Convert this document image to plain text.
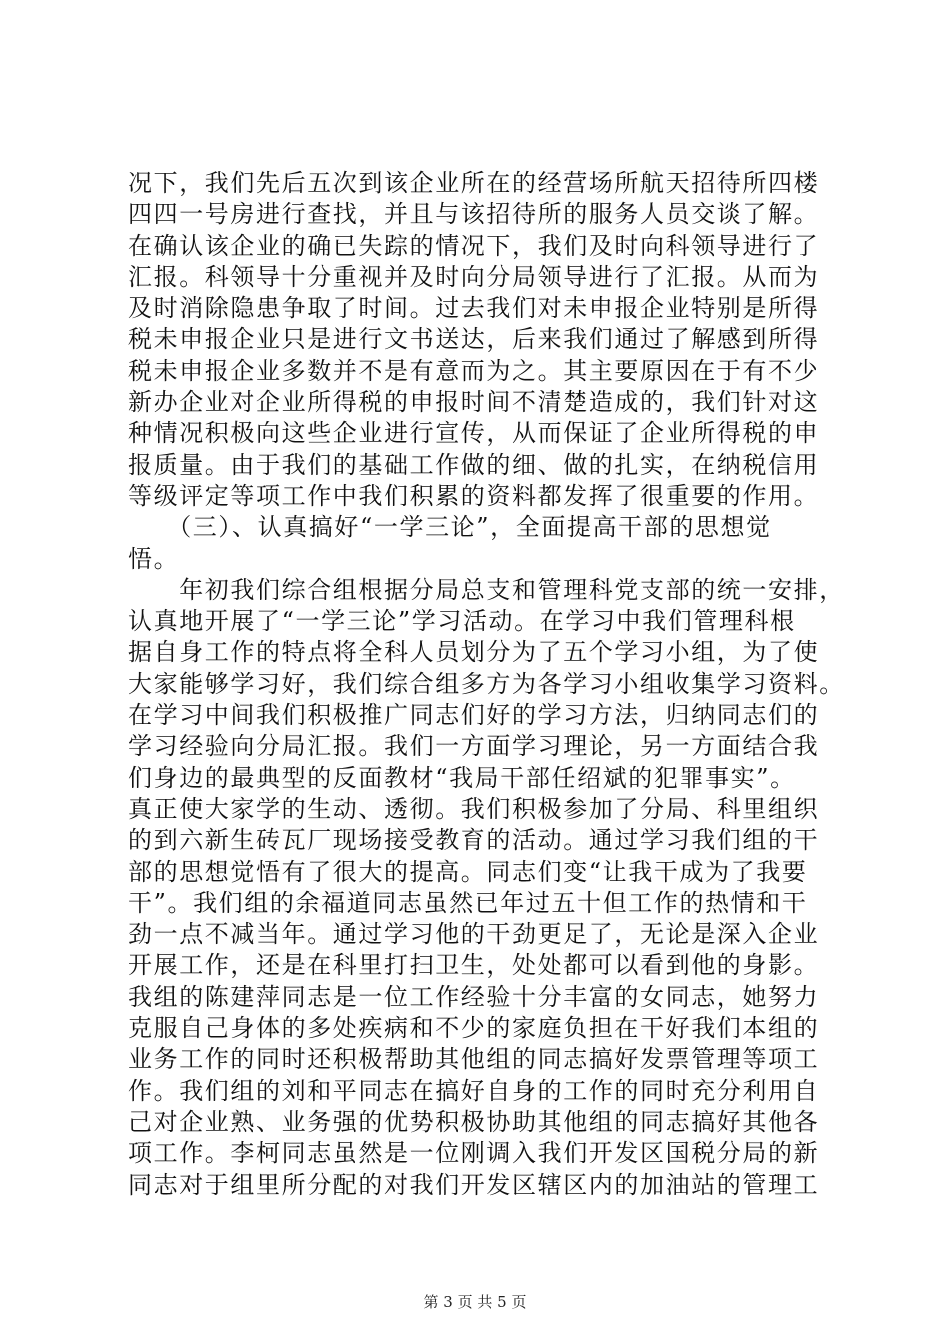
况下，我们先后五次到该企业所在的经营场所航天招待所四楼
四四一号房进行查找，并且与该招待所的服务人员交谈了解。
在确认该企业的确已失踪的情况下，我们及时向科领导进行了
汇报。科领导十分重视并及时向分局领导进行了汇报。从而为
及时消除隐患争取了时间。过去我们对未申报企业特别是所得
税未申报企业只是进行文书送达，后来我们通过了解感到所得
税未申报企业多数并不是有意而为之。其主要原因在于有不少
新办企业对企业所得税的申报时间不清楚造成的，我们针对这
种情况积极向这些企业进行宣传，从而保证了企业所得税的申
报质量。由于我们的基础工作做的细、做的扎实，在纳税信用
等级评定等项工作中我们积累的资料都发挥了很重要的作用。
　　（三）、认真搞好“一学三论”，全面提高干部的思想觉
悟。
　　年初我们综合组根据分局总支和管理科党支部的统一安排，
认真地开展了“一学三论”学习活动。在学习中我们管理科根
据自身工作的特点将全科人员划分为了五个学习小组，为了使
大家能够学习好，我们综合组多方为各学习小组收集学习资料。
在学习中间我们积极推广同志们好的学习方法，归纳同志们的
学习经验向分局汇报。我们一方面学习理论，另一方面结合我
们身边的最典型的反面教材“我局干部任绍斌的犯罪事实”。
真正使大家学的生动、透彻。我们积极参加了分局、科里组织
的到六新生砖瓦厂现场接受教育的活动。通过学习我们组的干
部的思想觉悟有了很大的提高。同志们变“让我干成为了我要
干”。我们组的余福道同志虽然已年过五十但工作的热情和干
劲一点不减当年。通过学习他的干劲更足了，无论是深入企业
开展工作，还是在科里打扫卫生，处处都可以看到他的身影。
我组的陈建萍同志是一位工作经验十分丰富的女同志，她努力
克服自己身体的多处疾病和不少的家庭负担在干好我们本组的
业务工作的同时还积极帮助其他组的同志搞好发票管理等项工
作。我们组的刘和平同志在搞好自身的工作的同时充分利用自
己对企业熟、业务强的优势积极协助其他组的同志搞好其他各
项工作。李柯同志虽然是一位刚调入我们开发区国税分局的新
同志对于组里所分配的对我们开发区辖区内的加油站的管理工
第 3 页 共 5 页
